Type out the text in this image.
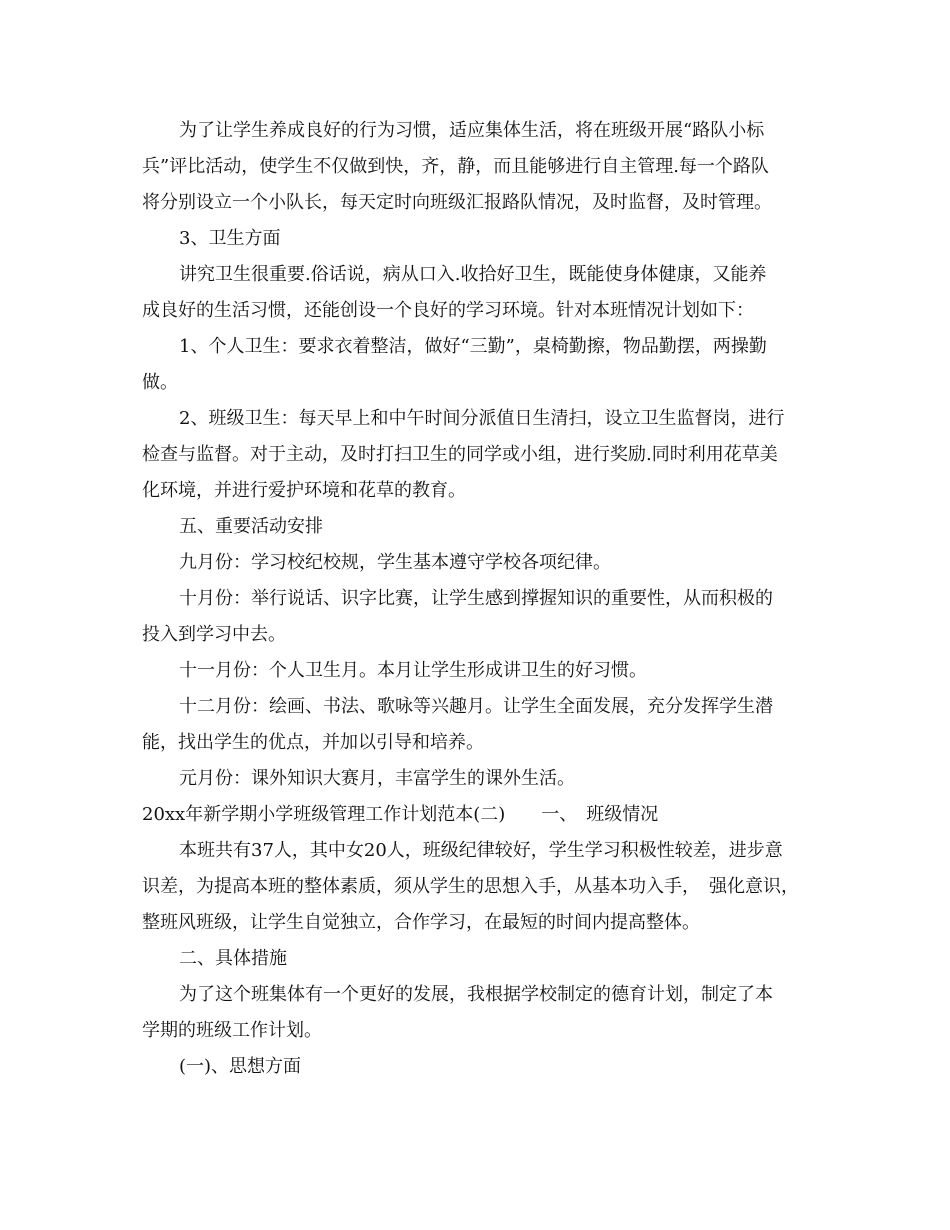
为了让学生养成良好的行为习惯，适应集体生活，将在班级开展“路队小标

兵”评比活动，使学生不仅做到快，齐，静，而且能够进行自主管理.每一个路队

将分别设立一个小队长，每天定时向班级汇报路队情况，及时监督，及时管理。

3、卫生方面

讲究卫生很重要.俗话说，病从口入.收拾好卫生，既能使身体健康，又能养

成良好的生活习惯，还能创设一个良好的学习环境。针对本班情况计划如下：

1、个人卫生：要求衣着整洁，做好“三勤”，桌椅勤擦，物品勤摆，两操勤

做。

2、班级卫生：每天早上和中午时间分派值日生清扫，设立卫生监督岗，进行

检查与监督。对于主动，及时打扫卫生的同学或小组，进行奖励.同时利用花草美

化环境，并进行爱护环境和花草的教育。

五、重要活动安排

九月份：学习校纪校规，学生基本遵守学校各项纪律。

十月份：举行说话、识字比赛，让学生感到撑握知识的重要性，从而积极的

投入到学习中去。

十一月份：个人卫生月。本月让学生形成讲卫生的好习惯。

十二月份：绘画、书法、歌咏等兴趣月。让学生全面发展，充分发挥学生潜

能，找出学生的优点，并加以引导和培养。

元月份：课外知识大赛月，丰富学生的课外生活。

20xx年新学期小学班级管理工作计划范本(二)　　一、　班级情况

本班共有37人，其中女20人，班级纪律较好，学生学习积极性较差，进步意

识差，为提高本班的整体素质，须从学生的思想入手，从基本功入手，　强化意识，

整班风班级，让学生自觉独立，合作学习，在最短的时间内提高整体。

二、具体措施

为了这个班集体有一个更好的发展，我根据学校制定的德育计划，制定了本

学期的班级工作计划。

(一)、思想方面
